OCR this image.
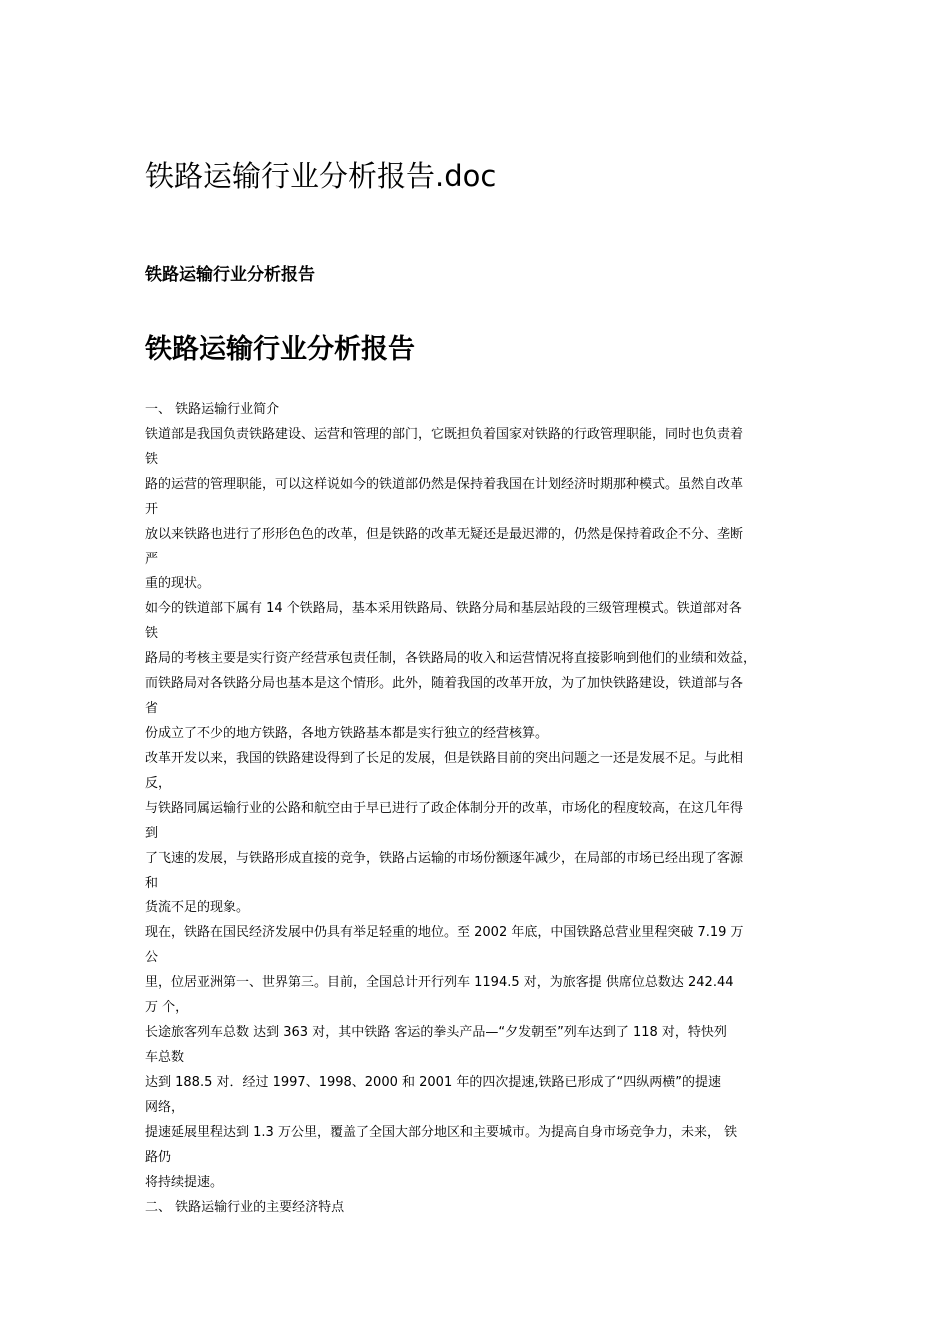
铁路运输行业分析报告.doc
铁路运输行业分析报告
铁路运输行业分析报告
一、 铁路运输行业简介
铁道部是我国负责铁路建设、运营和管理的部门，它既担负着国家对铁路的行政管理职能，同时也负责着
铁
路的运营的管理职能，可以这样说如今的铁道部仍然是保持着我国在计划经济时期那种模式。虽然自改革
开
放以来铁路也进行了形形色色的改革，但是铁路的改革无疑还是最迟滞的，仍然是保持着政企不分、垄断
严
重的现状。
如今的铁道部下属有 14 个铁路局，基本采用铁路局、铁路分局和基层站段的三级管理模式。铁道部对各
铁
路局的考核主要是实行资产经营承包责任制，各铁路局的收入和运营情况将直接影响到他们的业绩和效益，
而铁路局对各铁路分局也基本是这个情形。此外，随着我国的改革开放，为了加快铁路建设，铁道部与各
省
份成立了不少的地方铁路，各地方铁路基本都是实行独立的经营核算。
改革开发以来，我国的铁路建设得到了长足的发展，但是铁路目前的突出问题之一还是发展不足。与此相
反，
与铁路同属运输行业的公路和航空由于早已进行了政企体制分开的改革，市场化的程度较高，在这几年得
到
了飞速的发展，与铁路形成直接的竞争，铁路占运输的市场份额逐年减少，在局部的市场已经出现了客源
和
货流不足的现象。
现在，铁路在国民经济发展中仍具有举足轻重的地位。至 2002 年底，中国铁路总营业里程突破 7.19 万
公
里，位居亚洲第一、世界第三。目前，全国总计开行列车 1194.5 对，为旅客提 供席位总数达 242.44
万 个，
长途旅客列车总数 达到 363 对，其中铁路 客运的拳头产品—“夕发朝至”列车达到了 118 对，特快列
车总数
达到 188.5 对．经过 1997、1998、2000 和 2001 年的四次提速,铁路已形成了“四纵两横”的提速
网络，
提速延展里程达到 1.3 万公里，覆盖了全国大部分地区和主要城市。为提高自身市场竞争力，未来， 铁
路仍
将持续提速。
二、 铁路运输行业的主要经济特点
